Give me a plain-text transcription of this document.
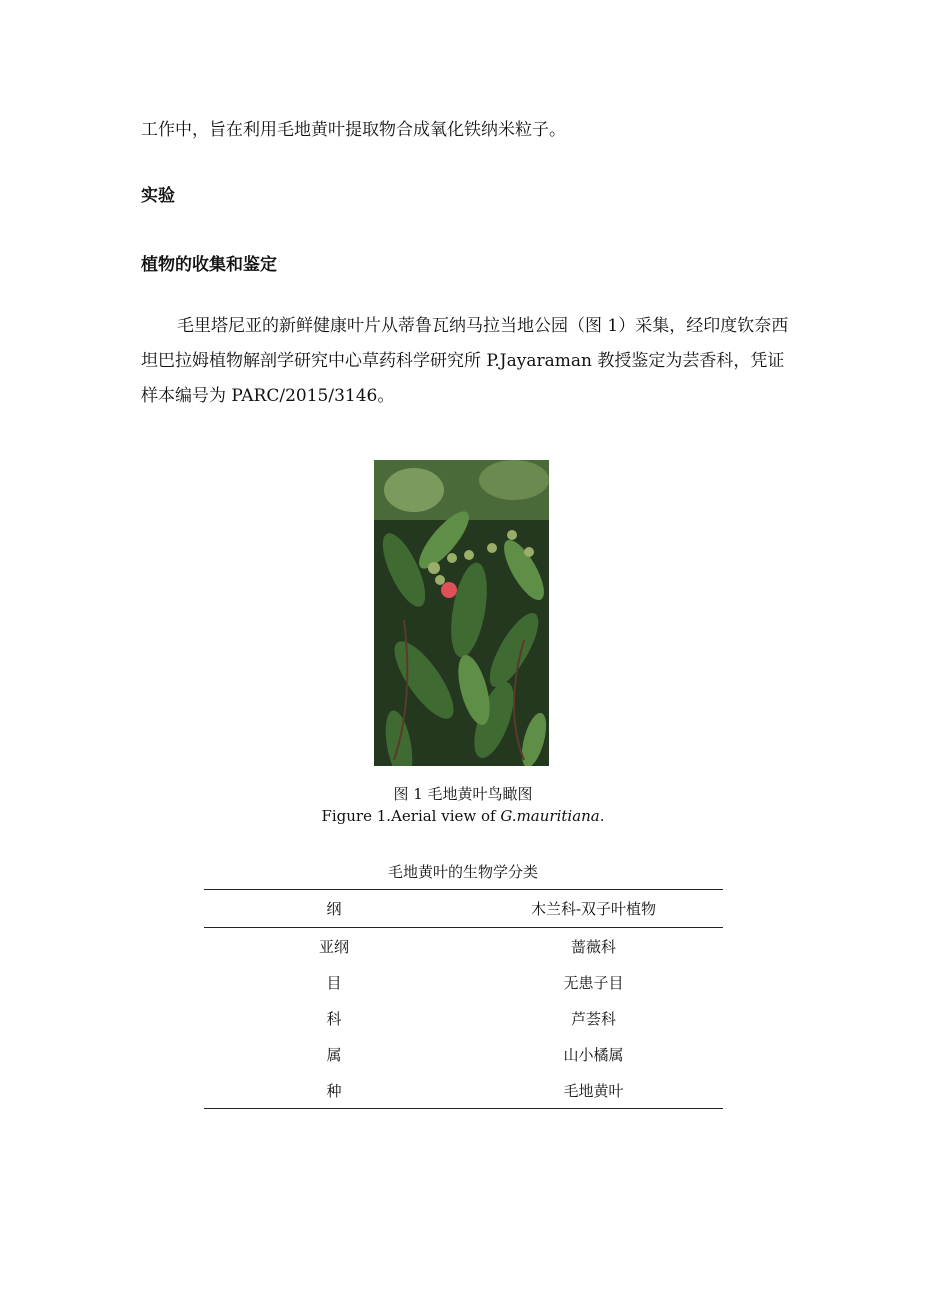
工作中，旨在利用毛地黄叶提取物合成氧化铁纳米粒子。

实验
植物的收集和鉴定

毛里塔尼亚的新鲜健康叶片从蒂鲁瓦纳马拉当地公园（图 1）采集，经印度钦奈西坦巴拉姆植物解剖学研究中心草药科学研究所 P.Jayaraman 教授鉴定为芸香科，凭证样本编号为 PARC/2015/3146。

图 1 毛地黄叶鸟瞰图

Figure 1.Aerial view of G.mauritiana.

毛地黄叶的生物学分类

纲	木兰科-双子叶植物
亚纲	蔷薇科
目	无患子目
科	芦荟科
属	山小橘属
种	毛地黄叶
